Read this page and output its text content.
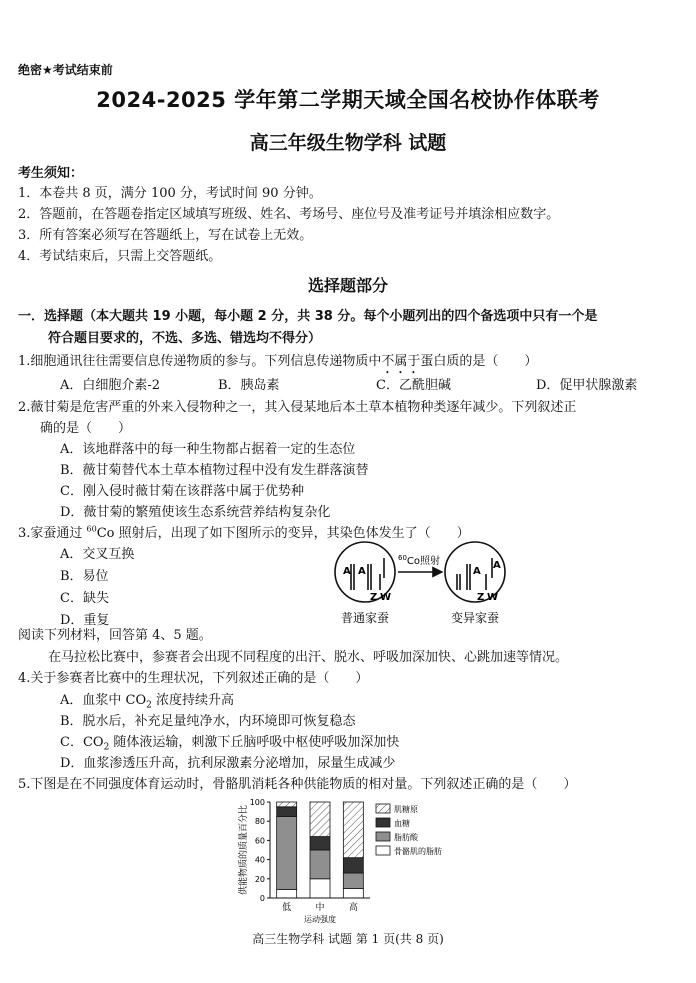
绝密★考试结束前
2024-2025 学年第二学期天域全国名校协作体联考
高三年级生物学科 试题
考生须知：
1．本卷共 8 页，满分 100 分，考试时间 90 分钟。
2．答题前，在答题卷指定区域填写班级、姓名、考场号、座位号及准考证号并填涂相应数字。
3．所有答案必须写在答题纸上，写在试卷上无效。
4．考试结束后，只需上交答题纸。
选择题部分
一．选择题（本大题共 19 小题，每小题 2 分，共 38 分。每个小题列出的四个备选项中只有一个是
符合题目要求的，不选、多选、错选均不得分）
1.细胞通讯往往需要信息传递物质的参与。下列信息传递物质中不属于蛋白质的是（　　）
A．白细胞介素-2	B．胰岛素	C．乙酰胆碱	D．促甲状腺激素
2.薇甘菊是危害严重的外来入侵物种之一，其入侵某地后本土草本植物种类逐年减少。下列叙述正
确的是（　　）
A．该地群落中的每一种生物都占据着一定的生态位
B．薇甘菊替代本土草本植物过程中没有发生群落演替
C．刚入侵时薇甘菊在该群落中属于优势种
D．薇甘菊的繁殖使该生态系统营养结构复杂化
3.家蚕通过 $^{60}$Co 照射后，出现了如下图所示的变异，其染色体发生了（　　）
A．交叉互换
B．易位
C．缺失
D．重复
A A
Z W
$^{60}$Co照射
A
A
Z W
普通家蚕	变异家蚕
阅读下列材料，回答第 4、5 题。
在马拉松比赛中，参赛者会出现不同程度的出汗、脱水、呼吸加深加快、心跳加速等情况。
4.关于参赛者比赛中的生理状况，下列叙述正确的是（　　）
A．血浆中 $CO_2$ 浓度持续升高
B．脱水后，补充足量纯净水，内环境即可恢复稳态
C．$CO_2$ 随体液运输，刺激下丘脑呼吸中枢使呼吸加深加快
D．血浆渗透压升高，抗利尿激素分泌增加，尿量生成减少
5.下图是在不同强度体育运动时，骨骼肌消耗各种供能物质的相对量。下列叙述正确的是（　　）
供能物质的质量百分比
0
20
40
60
80
100
低	中	高
运动强度
肌糖原
血糖
脂肪酸
骨骼肌的脂肪
高三生物学科 试题 第 1 页(共 8 页)
